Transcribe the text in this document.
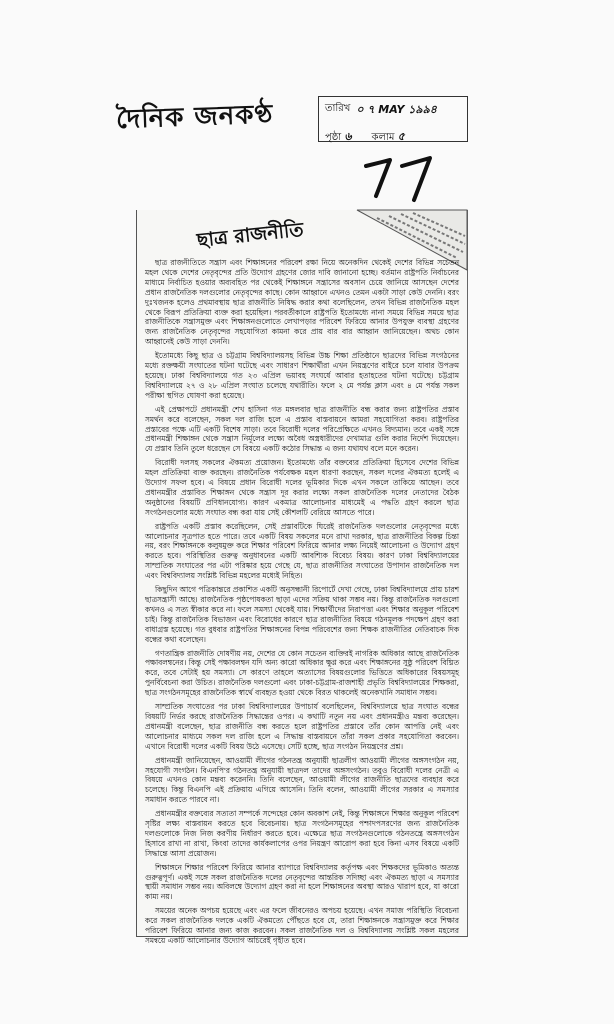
দৈনিক জনকণ্ঠ	তারিখ ০ ৭ MAY ১৯৯৪
পৃষ্ঠা ৬ কলাম ৫
55
ছাত্র রাজনীতি

ছাত্র রাজনীতিতে সন্ত্রাস এবং শিক্ষাঙ্গনের পরিবেশ রক্ষা নিয়ে অনেকদিন থেকেই দেশের বিভিন্ন সচেতন মহল থেকে দেশের নেতৃবৃন্দের প্রতি উদ্যোগ গ্রহণের জোর দাবি জানানো হচ্ছে। বর্তমান রাষ্ট্রপতি নির্বাচনের মাধ্যমে নির্বাচিত হওয়ার অব্যবহিত পর থেকেই শিক্ষাঙ্গনে সন্ত্রাসের অবসান চেয়ে জানিয়ে আসছেন দেশের প্রধান রাজনৈতিক দলগুলোর নেতৃবৃন্দের কাছে। কোন আহ্বানে এখনও তেমন একটা সাড়া কেউ দেননি। বরং দুঃখজনক হলেও প্রথমাবস্থায় ছাত্র রাজনীতি নিষিদ্ধ করার কথা বলেছিলেন, তখন বিভিন্ন রাজনৈতিক মহল থেকে বিরূপ প্রতিক্রিয়া ব্যক্ত করা হয়েছিল। পরবর্তীকালে রাষ্ট্রপতি ইতোমধ্যে নানা সময়ে বিভিন্ন সময়ে ছাত্র রাজনীতিকে সন্ত্রাসমুক্ত এবং শিক্ষাঙ্গনগুলোতে লেখাপড়ার পরিবেশ ফিরিয়ে আনার উপযুক্ত ব্যবস্থা গ্রহণের জন্য রাজনৈতিক নেতৃবৃন্দের সহযোগিতা কামনা করে প্রায় বার বার আহ্বান জানিয়েছেন। অথচ কোন আহ্বানেই কেউ সাড়া দেননি।

ইতোমধ্যে কিছু ছাত্র ও চট্টগ্রাম বিশ্ববিদ্যালয়সহ বিভিন্ন উচ্চ শিক্ষা প্রতিষ্ঠানে ছাত্রদের বিভিন্ন সংগঠনের মধ্যে রক্তক্ষয়ী সংঘাতের ঘটনা ঘটেছে এবং সাধারণ শিক্ষার্থীরা এখন নিয়ন্ত্রণের বাইরে চলে যাবার উপক্রম হয়েছে। ঢাকা বিশ্ববিদ্যালয়ে গত ২৩ এপ্রিল ভয়াবহ সংঘর্ষে আবার হতাহতের ঘটনা ঘটেছে। চট্টগ্রাম বিশ্ববিদ্যালয়ে ২৭ ও ২৮ এপ্রিল সংঘাত চলেছে যথারীতি। ফলে ২ মে পর্যন্ত ক্লাস এবং ৪ মে পর্যন্ত সকল পরীক্ষা স্থগিত ঘোষণা করা হয়েছে।

এই প্রেক্ষাপটে প্রধানমন্ত্রী শেখ হাসিনা গত মঙ্গলবার ছাত্র রাজনীতি বন্ধ করার জন্য রাষ্ট্রপতির প্রস্তাব সমর্থন করে বলেছেন, সকল দল রাজি হলে এ প্রস্তাব বাস্তবায়নে আমরা সহযোগিতা করব। রাষ্ট্রপতির প্রস্তাবের পক্ষে এটি একটি বিশেষ সাড়া। তবে বিরোধী দলের পরিপ্রেক্ষিতে এখনও বিদ্যমান। তবে একই সঙ্গে প্রধানমন্ত্রী শিক্ষাঙ্গন থেকে সন্ত্রাস নির্মূলের লক্ষ্যে অবৈধ অস্ত্রধারীদের দেখামাত্র গুলি করার নির্দেশ দিয়েছেন। যে প্রস্তাব তিনি তুলে ধরেছেন সে বিষয়ে একটি কঠোর সিদ্ধান্ত এ জন্য যথাযথ বলে মনে করেন।

বিরোধী দলসহ সকলের ঐকমত্য প্রয়োজন। ইতোমধ্যে তাঁর বক্তব্যের প্রতিক্রিয়া হিসেবে দেশের বিভিন্ন মহল প্রতিক্রিয়া ব্যক্ত করছেন। রাজনৈতিক পর্যবেক্ষক মহল ধারণা করছেন, সকল দলের ঐকমত্য হলেই এ উদ্যোগ সফল হবে। এ বিষয়ে প্রধান বিরোধী দলের ভূমিকার দিকে এখন সকলে তাকিয়ে আছেন। তবে প্রধানমন্ত্রীর প্রস্তাবিত শিক্ষাঙ্গন থেকে সন্ত্রাস দূর করার লক্ষ্যে সকল রাজনৈতিক দলের নেতাদের বৈঠক অনুষ্ঠানের বিষয়টি প্রণিধানযোগ্য। কারণ একমাত্র আলোচনার মাধ্যমেই এ পদ্ধতি গ্রহণ করলে ছাত্র সংগঠনগুলোর মধ্যে সংঘাত বন্ধ করা যায় সেই কৌশলটি বেরিয়ে আসতে পারে।

রাষ্ট্রপতি একটি প্রস্তাব করেছিলেন, সেই প্রস্তাবটিকে ঘিরেই রাজনৈতিক দলগুলোর নেতৃবৃন্দের মধ্যে আলোচনার সূত্রপাত হতে পারে। তবে একটি বিষয় সকলের মনে রাখা দরকার, ছাত্র রাজনীতির বিকল্প চিন্তা নয়, বরং শিক্ষাঙ্গনকে কলুষমুক্ত করে শিক্ষার পরিবেশ ফিরিয়ে আনার লক্ষ্য নিয়েই আলোচনা ও উদ্যোগ গ্রহণ করতে হবে। পরিস্থিতির গুরুত্ব অনুধাবনের একটি আবশ্যিক বিবেচ্য বিষয়। কারণ ঢাকা বিশ্ববিদ্যালয়ের সাম্প্রতিক সংঘাতের পর এটা পরিষ্কার হয়ে গেছে যে, ছাত্র রাজনীতির সংঘাতের উপাদান রাজনৈতিক দল এবং বিশ্ববিদ্যালয় সংশ্লিষ্ট বিভিন্ন মহলের মধ্যেই নিহিত।

কিছুদিন আগে পত্রিকান্তরে প্রকাশিত একটি অনুসন্ধানী রিপোর্টে দেখা গেছে, ঢাকা বিশ্ববিদ্যালয়ে প্রায় চারশ ছাত্রসন্ত্রাসী আছে। রাজনৈতিক পৃষ্ঠপোষকতা ছাড়া এদের সক্রিয় থাকা সম্ভব নয়। কিন্তু রাজনৈতিক দলগুলো কখনও এ সত্য স্বীকার করে না। ফলে সমস্যা থেকেই যায়। শিক্ষার্থীদের নিরাপত্তা এবং শিক্ষার অনুকূল পরিবেশ চাই। কিন্তু রাজনৈতিক বিভাজন এবং বিরোধের কারণে ছাত্র রাজনীতির বিষয়ে গঠনমূলক পদক্ষেপ গ্রহণ করা বাধাগ্রস্ত হয়েছে। গত বুধবার রাষ্ট্রপতির শিক্ষাঙ্গনের বিপন্ন পরিবেশের জন্য শিক্ষক রাজনীতির নেতিবাচক দিক বন্ধের কথা বলেছেন।

গণতান্ত্রিক রাজনীতি দোষণীয় নয়, দেশের যে কোন সচেতন ব্যক্তিরই নাগরিক অধিকার আছে রাজনৈতিক পক্ষাবলম্বনের। কিন্তু সেই পক্ষাবলম্বন যদি অন্য কারো অধিকার ক্ষুণ্ণ করে এবং শিক্ষাঙ্গনের সুষ্ঠু পরিবেশ বিঘ্নিত করে, তবে সেটাই হয় সমস্যা। সে কারণে তাহলে অত্যাসের বিষয়গুলোর ভিত্তিতে অধিকারের বিষয়সমূহ পুনর্বিবেচনা করা উচিত। রাজনৈতিক দলগুলো এবং ঢাকা-চট্টগ্রাম-রাজশাহী প্রভৃতি বিশ্ববিদ্যালয়ের শিক্ষকরা, ছাত্র সংগঠনসমূহের রাজনৈতিক স্বার্থে ব্যবহৃত হওয়া থেকে বিরত থাকলেই অনেকখানি সমাধান সম্ভব।

সাম্প্রতিক সংঘাতের পর ঢাকা বিশ্ববিদ্যালয়ের উপাচার্য বলেছিলেন, বিশ্ববিদ্যালয়ে ছাত্র সংঘাত বন্ধের বিষয়টি নির্ভর করছে রাজনৈতিক সিদ্ধান্তের ওপর। এ কথাটি নতুন নয় এবং প্রধানমন্ত্রীও মন্তব্য করেছেন। প্রধানমন্ত্রী বলেছেন, ছাত্র রাজনীতি বন্ধ করতে হলে রাষ্ট্রপতির প্রস্তাবে তাঁর কোন আপত্তি নেই এবং আলোচনার মাধ্যমে সকল দল রাজি হলে এ সিদ্ধান্ত বাস্তবায়নে তাঁরা সকল প্রকার সহযোগিতা করবেন। এখানে বিরোধী দলের একটি বিষয় উঠে এসেছে। সেটি হচ্ছে, ছাত্র সংগঠন নিয়ন্ত্রণের প্রশ্ন।

প্রধানমন্ত্রী জানিয়েছেন, আওয়ামী লীগের গঠনতন্ত্র অনুযায়ী ছাত্রলীগ আওয়ামী লীগের অঙ্গসংগঠন নয়, সহযোগী সংগঠন। বিএনপি'র গঠনতন্ত্র অনুযায়ী ছাত্রদল তাদের অঙ্গসংগঠন। তবুও বিরোধী দলের নেত্রী এ বিষয়ে এখনও কোন মন্তব্য করেননি। তিনি বলেছেন, আওয়ামী লীগের রাজনীতি ছাত্রদের ব্যবহার করে চলেছে। কিন্তু বিএনপি এই প্রক্রিয়ায় এগিয়ে আসেনি। তিনি বলেন, আওয়ামী লীগের সরকার এ সমস্যার সমাধান করতে পারবে না।

প্রধানমন্ত্রীর বক্তব্যের সত্যতা সম্পর্কে সন্দেহের কোন অবকাশ নেই, কিন্তু শিক্ষাঙ্গনে শিক্ষার অনুকূল পরিবেশ সৃষ্টির লক্ষ্য বাস্তবায়ন করতে হবে বিবেচনায়। ছাত্র সংগঠনসমূহের পশ্চাদপসরণের জন্য রাজনৈতিক দলগুলোকে নিজ নিজ করণীয় নির্ধারণ করতে হবে। এক্ষেত্রে ছাত্র সংগঠনগুলোকে গঠনতন্ত্রে অঙ্গসংগঠন হিসাবে রাখা না রাখা, কিংবা তাদের কার্যকলাপের ওপর নিয়ন্ত্রণ আরোপ করা হবে কিনা এসব বিষয়ে একটি সিদ্ধান্তে আসা প্রয়োজন।

শিক্ষাঙ্গনে শিক্ষার পরিবেশ ফিরিয়ে আনার ব্যাপারে বিশ্ববিদ্যালয় কর্তৃপক্ষ এবং শিক্ষকদের ভূমিকাও অত্যন্ত গুরুত্বপূর্ণ। একই সঙ্গে সকল রাজনৈতিক দলের নেতৃবৃন্দের আন্তরিক সদিচ্ছা এবং ঐকমত্য ছাড়া এ সমস্যার স্থায়ী সমাধান সম্ভব নয়। অবিলম্বে উদ্যোগ গ্রহণ করা না হলে শিক্ষাঙ্গনের অবস্থা আরও খারাপ হবে, যা কারো কাম্য নয়।

সময়ের অনেক অপচয় হয়েছে এবং এর ফলে জীবনেরও অপচয় হয়েছে। এখন সমাজ পরিস্থিতি বিবেচনা করে সকল রাজনৈতিক দলকে একটি ঐকমত্যে পৌঁছতে হবে যে, তারা শিক্ষাঙ্গনকে সন্ত্রাসমুক্ত করে শিক্ষার পরিবেশ ফিরিয়ে আনার জন্য কাজ করবেন। সকল রাজনৈতিক দল ও বিশ্ববিদ্যালয় সংশ্লিষ্ট সকল মহলের সমন্বয়ে একটি আলোচনার উদ্যোগ অচিরেই গৃহীত হবে।
